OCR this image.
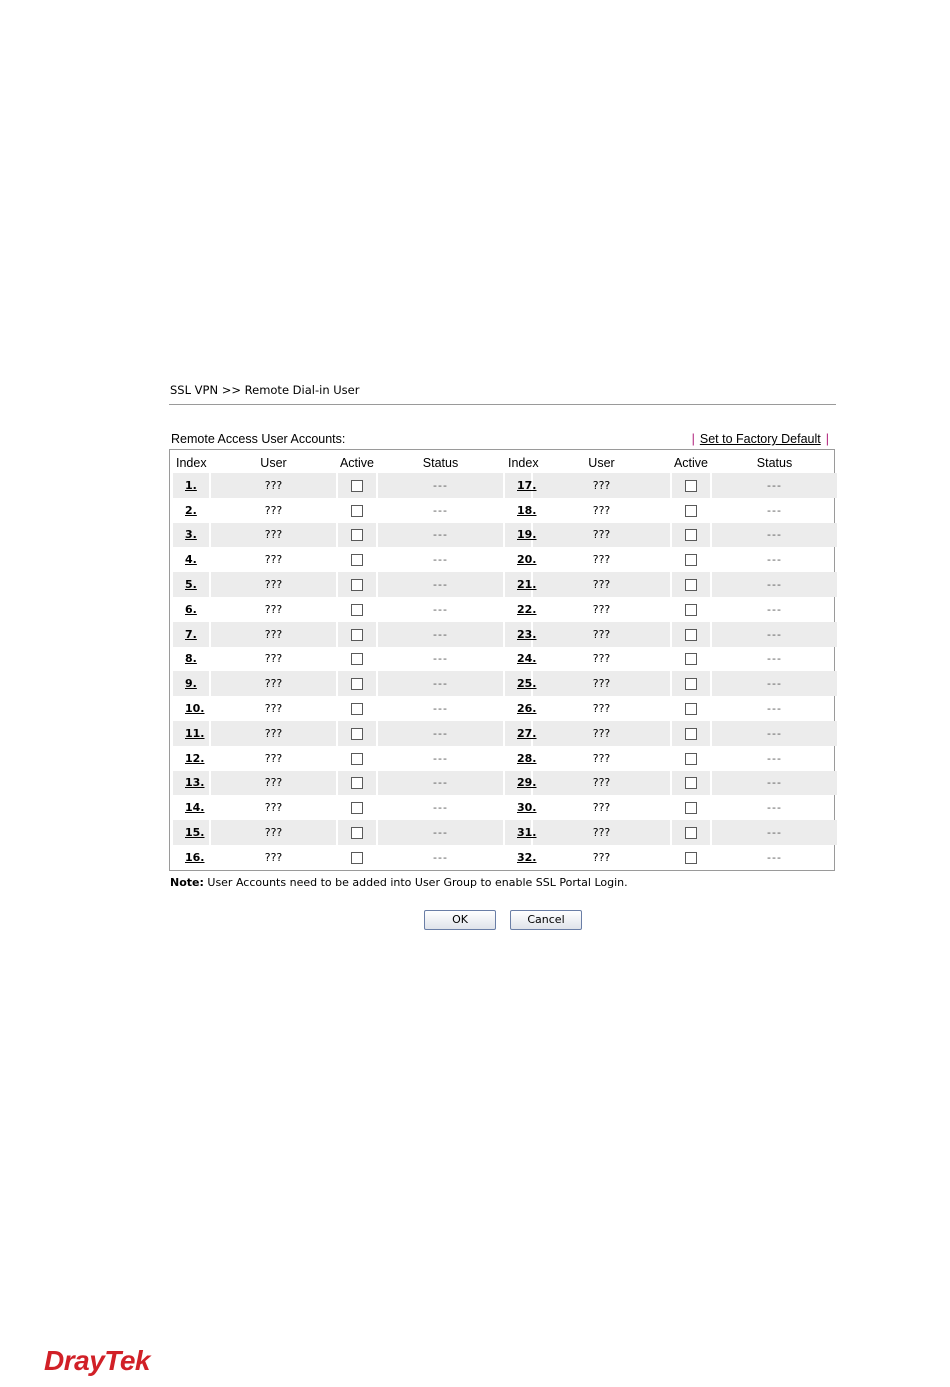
SSL VPN >> Remote Dial-in User
Remote Access User Accounts:	| Set to Factory Default |
Index	User	Active	Status	Index	User	Active	Status
1.	???		---	17.	???		---
2.	???		---	18.	???		---
3.	???		---	19.	???		---
4.	???		---	20.	???		---
5.	???		---	21.	???		---
6.	???		---	22.	???		---
7.	???		---	23.	???		---
8.	???		---	24.	???		---
9.	???		---	25.	???		---
10.	???		---	26.	???		---
11.	???		---	27.	???		---
12.	???		---	28.	???		---
13.	???		---	29.	???		---
14.	???		---	30.	???		---
15.	???		---	31.	???		---
16.	???		---	32.	???		---
Note: User Accounts need to be added into User Group to enable SSL Portal Login.
OK	Cancel
DrayTek
